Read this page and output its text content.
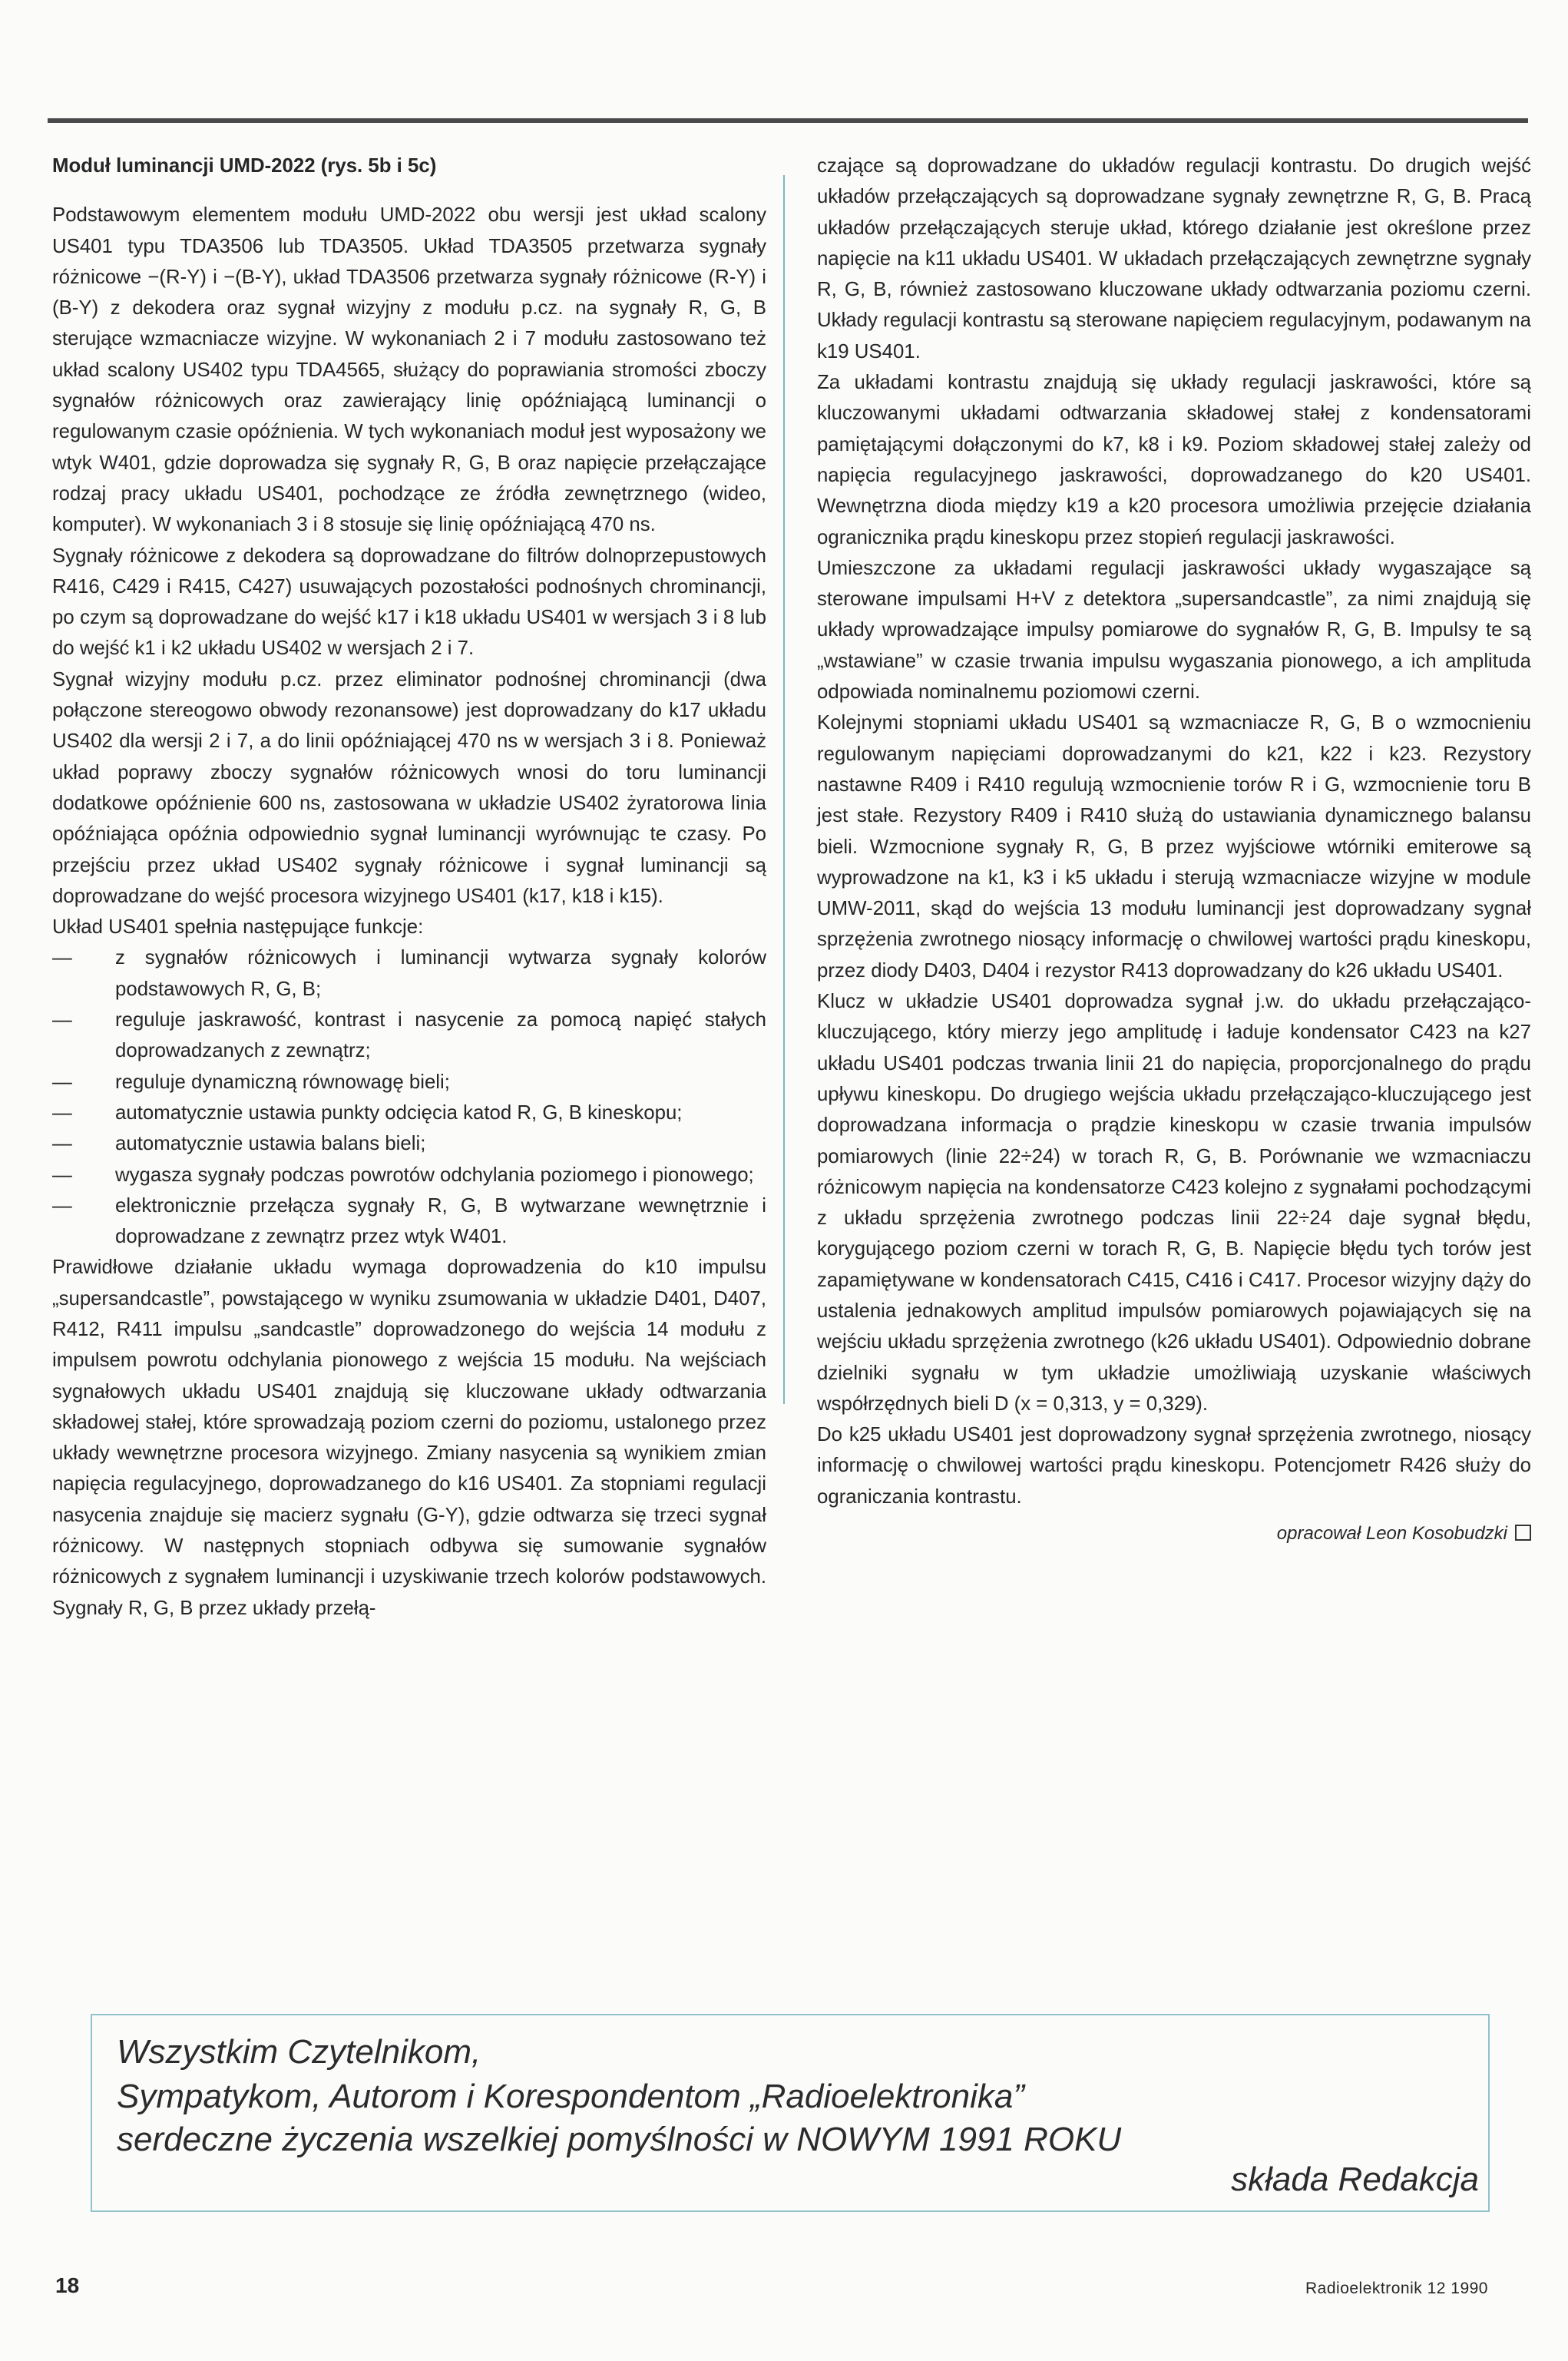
Moduł luminancji UMD-2022 (rys. 5b i 5c)

Podstawowym elementem modułu UMD-2022 obu wersji jest układ scalony US401 typu TDA3506 lub TDA3505. Układ TDA3505 przetwarza sygnały różnicowe −(R-Y) i −(B-Y), układ TDA3506 przetwarza sygnały różnicowe (R-Y) i (B-Y) z dekodera oraz sygnał wizyjny z modułu p.cz. na sygnały R, G, B sterujące wzmacniacze wizyjne. W wykonaniach 2 i 7 modułu zastosowano też układ scalony US402 typu TDA4565, służący do poprawiania stromości zboczy sygnałów różnicowych oraz zawierający linię opóźniającą luminancji o regulowanym czasie opóźnienia. W tych wykonaniach moduł jest wyposażony we wtyk W401, gdzie doprowadza się sygnały R, G, B oraz napięcie przełączające rodzaj pracy układu US401, pochodzące ze źródła zewnętrznego (wideo, komputer). W wykonaniach 3 i 8 stosuje się linię opóźniającą 470 ns.

Sygnały różnicowe z dekodera są doprowadzane do filtrów dolnoprzepustowych R416, C429 i R415, C427) usuwających pozostałości podnośnych chrominancji, po czym są doprowadzane do wejść k17 i k18 układu US401 w wersjach 3 i 8 lub do wejść k1 i k2 układu US402 w wersjach 2 i 7.

Sygnał wizyjny modułu p.cz. przez eliminator podnośnej chrominancji (dwa połączone stereogowo obwody rezonansowe) jest doprowadzany do k17 układu US402 dla wersji 2 i 7, a do linii opóźniającej 470 ns w wersjach 3 i 8. Ponieważ układ poprawy zboczy sygnałów różnicowych wnosi do toru luminancji dodatkowe opóźnienie 600 ns, zastosowana w układzie US402 żyratorowa linia opóźniająca opóźnia odpowiednio sygnał luminancji wyrównując te czasy. Po przejściu przez układ US402 sygnały różnicowe i sygnał luminancji są doprowadzane do wejść procesora wizyjnego US401 (k17, k18 i k15).

Układ US401 spełnia następujące funkcje:

— z sygnałów różnicowych i luminancji wytwarza sygnały kolorów podstawowych R, G, B;
— reguluje jaskrawość, kontrast i nasycenie za pomocą napięć stałych doprowadzanych z zewnątrz;
— reguluje dynamiczną równowagę bieli;
— automatycznie ustawia punkty odcięcia katod R, G, B kineskopu;
— automatycznie ustawia balans bieli;
— wygasza sygnały podczas powrotów odchylania poziomego i pionowego;
— elektronicznie przełącza sygnały R, G, B wytwarzane wewnętrznie i doprowadzane z zewnątrz przez wtyk W401.

Prawidłowe działanie układu wymaga doprowadzenia do k10 impulsu „supersandcastle”, powstającego w wyniku zsumowania w układzie D401, D407, R412, R411 impulsu „sandcastle” doprowadzonego do wejścia 14 modułu z impulsem powrotu odchylania pionowego z wejścia 15 modułu. Na wejściach sygnałowych układu US401 znajdują się kluczowane układy odtwarzania składowej stałej, które sprowadzają poziom czerni do poziomu, ustalonego przez układy wewnętrzne procesora wizyjnego. Zmiany nasycenia są wynikiem zmian napięcia regulacyjnego, doprowadzanego do k16 US401. Za stopniami regulacji nasycenia znajduje się macierz sygnału (G-Y), gdzie odtwarza się trzeci sygnał różnicowy. W następnych stopniach odbywa się sumowanie sygnałów różnicowych z sygnałem luminancji i uzyskiwanie trzech kolorów podstawowych. Sygnały R, G, B przez układy przełą-

czające są doprowadzane do układów regulacji kontrastu. Do drugich wejść układów przełączających są doprowadzane sygnały zewnętrzne R, G, B. Pracą układów przełączających steruje układ, którego działanie jest określone przez napięcie na k11 układu US401. W układach przełączających zewnętrzne sygnały R, G, B, również zastosowano kluczowane układy odtwarzania poziomu czerni. Układy regulacji kontrastu są sterowane napięciem regulacyjnym, podawanym na k19 US401.

Za układami kontrastu znajdują się układy regulacji jaskrawości, które są kluczowanymi układami odtwarzania składowej stałej z kondensatorami pamiętającymi dołączonymi do k7, k8 i k9. Poziom składowej stałej zależy od napięcia regulacyjnego jaskrawości, doprowadzanego do k20 US401. Wewnętrzna dioda między k19 a k20 procesora umożliwia przejęcie działania ogranicznika prądu kineskopu przez stopień regulacji jaskrawości.

Umieszczone za układami regulacji jaskrawości układy wygaszające są sterowane impulsami H+V z detektora „supersandcastle”, za nimi znajdują się układy wprowadzające impulsy pomiarowe do sygnałów R, G, B. Impulsy te są „wstawiane” w czasie trwania impulsu wygaszania pionowego, a ich amplituda odpowiada nominalnemu poziomowi czerni.

Kolejnymi stopniami układu US401 są wzmacniacze R, G, B o wzmocnieniu regulowanym napięciami doprowadzanymi do k21, k22 i k23. Rezystory nastawne R409 i R410 regulują wzmocnienie torów R i G, wzmocnienie toru B jest stałe. Rezystory R409 i R410 służą do ustawiania dynamicznego balansu bieli. Wzmocnione sygnały R, G, B przez wyjściowe wtórniki emiterowe są wyprowadzone na k1, k3 i k5 układu i sterują wzmacniacze wizyjne w module UMW-2011, skąd do wejścia 13 modułu luminancji jest doprowadzany sygnał sprzężenia zwrotnego niosący informację o chwilowej wartości prądu kineskopu, przez diody D403, D404 i rezystor R413 doprowadzany do k26 układu US401.

Klucz w układzie US401 doprowadza sygnał j.w. do układu przełączająco-kluczującego, który mierzy jego amplitudę i ładuje kondensator C423 na k27 układu US401 podczas trwania linii 21 do napięcia, proporcjonalnego do prądu upływu kineskopu. Do drugiego wejścia układu przełączająco-kluczującego jest doprowadzana informacja o prądzie kineskopu w czasie trwania impulsów pomiarowych (linie 22÷24) w torach R, G, B. Porównanie we wzmacniaczu różnicowym napięcia na kondensatorze C423 kolejno z sygnałami pochodzącymi z układu sprzężenia zwrotnego podczas linii 22÷24 daje sygnał błędu, korygującego poziom czerni w torach R, G, B. Napięcie błędu tych torów jest zapamiętywane w kondensatorach C415, C416 i C417. Procesor wizyjny dąży do ustalenia jednakowych amplitud impulsów pomiarowych pojawiających się na wejściu układu sprzężenia zwrotnego (k26 układu US401). Odpowiednio dobrane dzielniki sygnału w tym układzie umożliwiają uzyskanie właściwych współrzędnych bieli D (x = 0,313, y = 0,329).

Do k25 układu US401 jest doprowadzony sygnał sprzężenia zwrotnego, niosący informację o chwilowej wartości prądu kineskopu. Potencjometr R426 służy do ograniczania kontrastu.

opracował Leon Kosobudzki
Wszystkim Czytelnikom,
Sympatykom, Autorom i Korespondentom „Radioelektronika”
serdeczne życzenia wszelkiej pomyślności w NOWYM 1991 ROKU
składa Redakcja
18	Radioelektronik 12 1990
